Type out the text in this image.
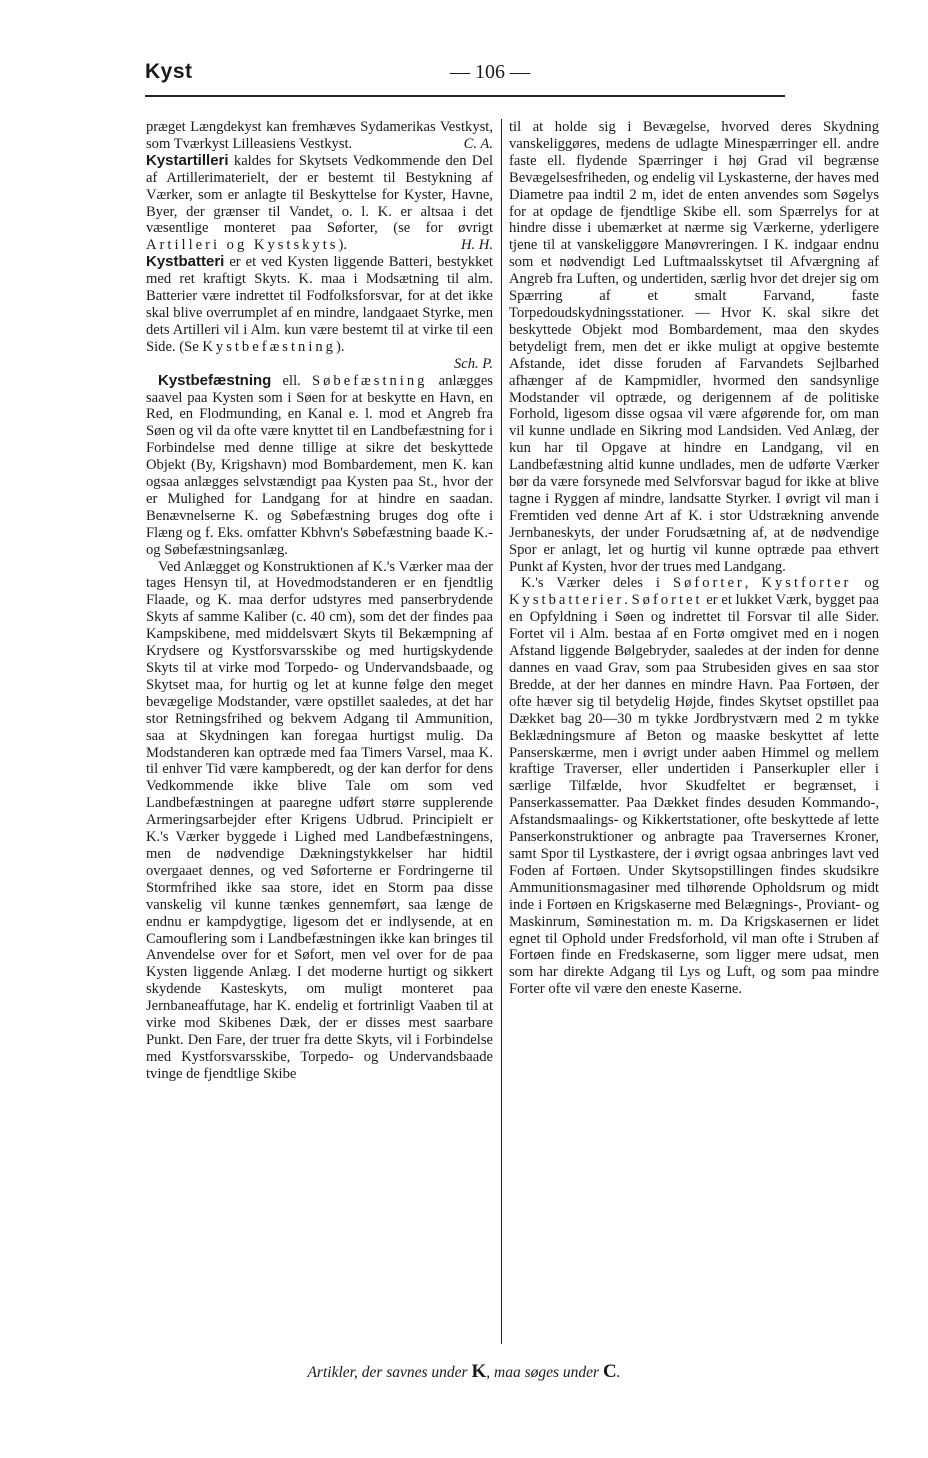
Kyst	— 106 —

præget Længdekyst kan fremhæves Sydamerikas Vestkyst, som Tværkyst Lilleasiens Vestkyst.	C. A.

Kystartilleri kaldes for Skytsets Vedkommende den Del af Artillerimaterielt, der er bestemt til Bestykning af Værker, som er anlagte til Beskyttelse for Kyster, Havne, Byer, der grænser til Vandet, o. l. K. er altsaa i det væsentlige monteret paa Søforter, (se for øvrigt Artilleri og Kystskyts).	H. H.

Kystbatteri er et ved Kysten liggende Batteri, bestykket med ret kraftigt Skyts. K. maa i Modsætning til alm. Batterier være indrettet til Fodfolksforsvar, for at det ikke skal blive overrumplet af en mindre, landgaaet Styrke, men dets Artilleri vil i Alm. kun være bestemt til at virke til een Side. (Se Kystbefæstning).

Sch. P.

Kystbefæstning ell. Søbefæstning anlægges saavel paa Kysten som i Søen for at beskytte en Havn, en Red, en Flodmunding, en Kanal e. l. mod et Angreb fra Søen og vil da ofte være knyttet til en Landbefæstning for i Forbindelse med denne tillige at sikre det beskyttede Objekt (By, Krigshavn) mod Bombardement, men K. kan ogsaa anlægges selvstændigt paa Kysten paa St., hvor der er Mulighed for Landgang for at hindre en saadan. Benævnelserne K. og Søbefæstning bruges dog ofte i Flæng og f. Eks. omfatter Kbhvn's Søbefæstning baade K.- og Søbefæstningsanlæg.

Ved Anlægget og Konstruktionen af K.'s Værker maa der tages Hensyn til, at Hovedmodstanderen er en fjendtlig Flaade, og K. maa derfor udstyres med panserbrydende Skyts af samme Kaliber (c. 40 cm), som det der findes paa Kampskibene, med middelsvært Skyts til Bekæmpning af Krydsere og Kystforsvarsskibe og med hurtigskydende Skyts til at virke mod Torpedo- og Undervandsbaade, og Skytset maa, for hurtig og let at kunne følge den meget bevægelige Modstander, være opstillet saaledes, at det har stor Retningsfrihed og bekvem Adgang til Ammunition, saa at Skydningen kan foregaa hurtigst mulig. Da Modstanderen kan optræde med faa Timers Varsel, maa K. til enhver Tid være kampberedt, og der kan derfor for dens Vedkommende ikke blive Tale om som ved Landbefæstningen at paaregne udført større supplerende Armeringsarbejder efter Krigens Udbrud. Principielt er K.'s Værker byggede i Lighed med Landbefæstningens, men de nødvendige Dækningstykkelser har hidtil overgaaet dennes, og ved Søforterne er Fordringerne til Stormfrihed ikke saa store, idet en Storm paa disse vanskelig vil kunne tænkes gennemført, saa længe de endnu er kampdygtige, ligesom det er indlysende, at en Camouflering som i Landbefæstningen ikke kan bringes til Anvendelse over for et Søfort, men vel over for de paa Kysten liggende Anlæg. I det moderne hurtigt og sikkert skydende Kasteskyts, om muligt monteret paa Jernbaneaffutage, har K. endelig et fortrinligt Vaaben til at virke mod Skibenes Dæk, der er disses mest saarbare Punkt. Den Fare, der truer fra dette Skyts, vil i Forbindelse med Kystforsvarsskibe, Torpedo- og Undervandsbaade tvinge de fjendtlige Skibe

til at holde sig i Bevægelse, hvorved deres Skydning vanskeliggøres, medens de udlagte Minespærringer ell. andre faste ell. flydende Spærringer i høj Grad vil begrænse Bevægelsesfriheden, og endelig vil Lyskasterne, der haves med Diametre paa indtil 2 m, idet de enten anvendes som Søgelys for at opdage de fjendtlige Skibe ell. som Spærrelys for at hindre disse i ubemærket at nærme sig Værkerne, yderligere tjene til at vanskeliggøre Manøvreringen. I K. indgaar endnu som et nødvendigt Led Luftmaalsskytset til Afværgning af Angreb fra Luften, og undertiden, særlig hvor det drejer sig om Spærring af et smalt Farvand, faste Torpedoudskydningsstationer. — Hvor K. skal sikre det beskyttede Objekt mod Bombardement, maa den skydes betydeligt frem, men det er ikke muligt at opgive bestemte Afstande, idet disse foruden af Farvandets Sejlbarhed afhænger af de Kampmidler, hvormed den sandsynlige Modstander vil optræde, og derigennem af de politiske Forhold, ligesom disse ogsaa vil være afgørende for, om man vil kunne undlade en Sikring mod Landsiden. Ved Anlæg, der kun har til Opgave at hindre en Landgang, vil en Landbefæstning altid kunne undlades, men de udførte Værker bør da være forsynede med Selvforsvar bagud for ikke at blive tagne i Ryggen af mindre, landsatte Styrker. I øvrigt vil man i Fremtiden ved denne Art af K. i stor Udstrækning anvende Jernbaneskyts, der under Forudsætning af, at de nødvendige Spor er anlagt, let og hurtig vil kunne optræde paa ethvert Punkt af Kysten, hvor der trues med Landgang.

K.'s Værker deles i Søforter, Kystforter og Kystbatterier. Søfortet er et lukket Værk, bygget paa en Opfyldning i Søen og indrettet til Forsvar til alle Sider. Fortet vil i Alm. bestaa af en Fortø omgivet med en i nogen Afstand liggende Bølgebryder, saaledes at der inden for denne dannes en vaad Grav, som paa Strubesiden gives en saa stor Bredde, at der her dannes en mindre Havn. Paa Fortøen, der ofte hæver sig til betydelig Højde, findes Skytset opstillet paa Dækket bag 20—30 m tykke Jordbrystværn med 2 m tykke Beklædningsmure af Beton og maaske beskyttet af lette Panserskærme, men i øvrigt under aaben Himmel og mellem kraftige Traverser, eller undertiden i Panserkupler eller i særlige Tilfælde, hvor Skudfeltet er begrænset, i Panserkassematter. Paa Dækket findes desuden Kommando-, Afstandsmaalings- og Kikkertstationer, ofte beskyttede af lette Panserkonstruktioner og anbragte paa Traversernes Kroner, samt Spor til Lystkastere, der i øvrigt ogsaa anbringes lavt ved Foden af Fortøen. Under Skytsopstillingen findes skudsikre Ammunitionsmagasiner med tilhørende Opholdsrum og midt inde i Fortøen en Krigskaserne med Belægnings-, Proviant- og Maskinrum, Søminestation m. m. Da Krigskasernen er lidet egnet til Ophold under Fredsforhold, vil man ofte i Struben af Fortøen finde en Fredskaserne, som ligger mere udsat, men som har direkte Adgang til Lys og Luft, og som paa mindre Forter ofte vil være den eneste Kaserne.

Artikler, der savnes under K, maa søges under C.
